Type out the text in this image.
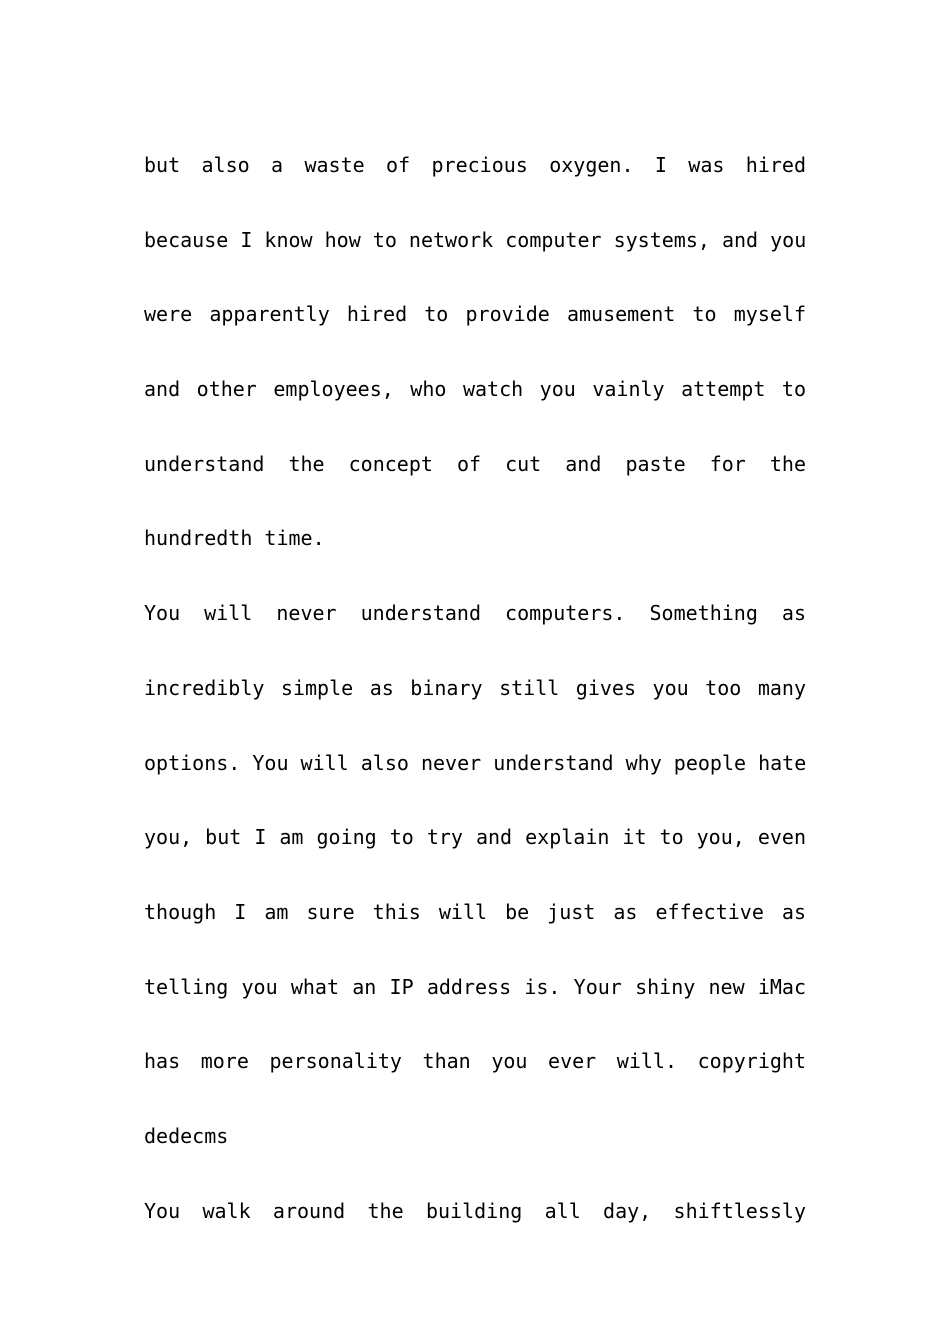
but also a waste of precious oxygen. I was hired
because I know how to network computer systems, and you
were apparently hired to provide amusement to myself
and other employees, who watch you vainly attempt to
understand the concept of cut and paste for the
hundredth time.
You will never understand computers. Something as
incredibly simple as binary still gives you too many
options. You will also never understand why people hate
you, but I am going to try and explain it to you, even
though I am sure this will be just as effective as
telling you what an IP address is. Your shiny new iMac
has more personality than you ever will. copyright
dedecms
You walk around the building all day, shiftlessly
